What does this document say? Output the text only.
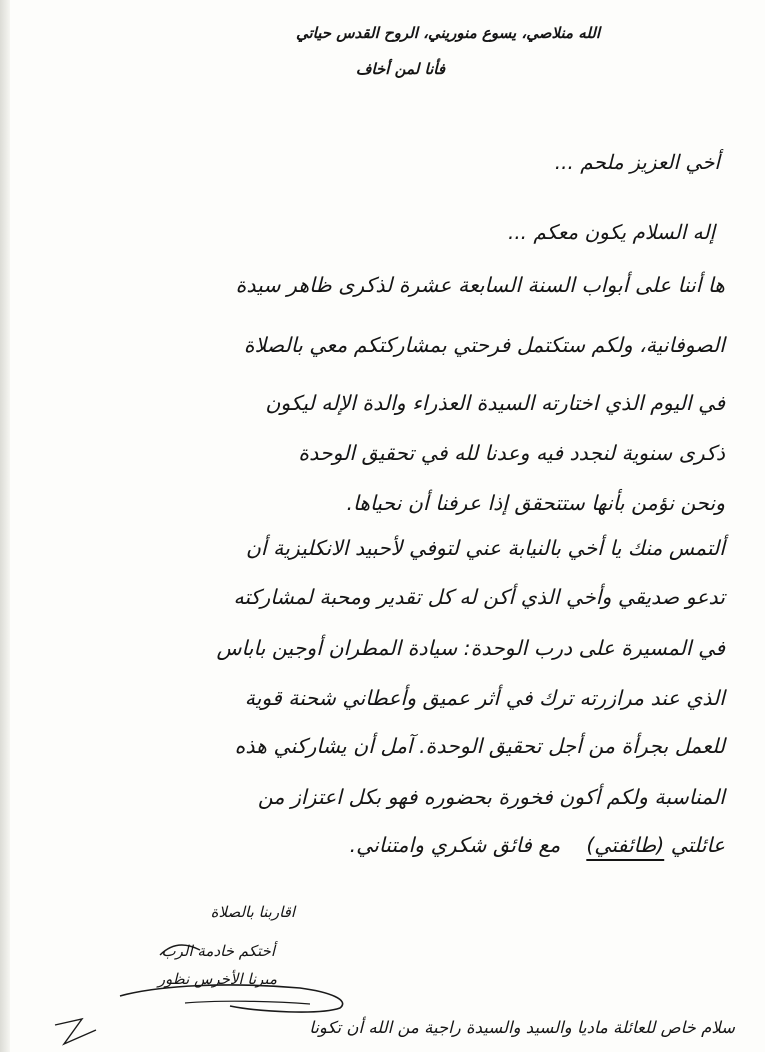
الله منلاصي، يسوع منوريني، الروح القدس حياتي
فأنا لمن أخاف
أخي العزيز ملحم ...
إله السلام يكون معكم ...
ها أننا على أبواب السنة السابعة عشرة لذكرى ظاهر سيدة
الصوفانية، ولكم ستكتمل فرحتي بمشاركتكم معي بالصلاة
في اليوم الذي اختارته السيدة العذراء والدة الإله ليكون
ذكرى سنوية لنجدد فيه وعدنا لله في تحقيق الوحدة
ونحن نؤمن بأنها ستتحقق إذا عرفنا أن نحياها.
ألتمس منك يا أخي بالنيابة عني لتوفي لأحبيد الانكليزية أن
تدعو صديقي وأخي الذي أكن له كل تقدير ومحبة لمشاركته
في المسيرة على درب الوحدة: سيادة المطران أوجين باباس
الذي عند مرازرته ترك في أثر عميق وأعطاني شحنة قوية
للعمل بجرأة من أجل تحقيق الوحدة. آمل أن يشاركني هذه
المناسبة ولكم أكون فخورة بحضوره فهو بكل اعتزاز من
عائلتي (طائفتي)    مع فائق شكري وامتناني.
اقاربنا بالصلاة
أختكم خادمة الرب
ميرنا الأخرس نظور
سلام خاص للعائلة ماديا والسيد والسيدة راجية من الله أن تكونا
